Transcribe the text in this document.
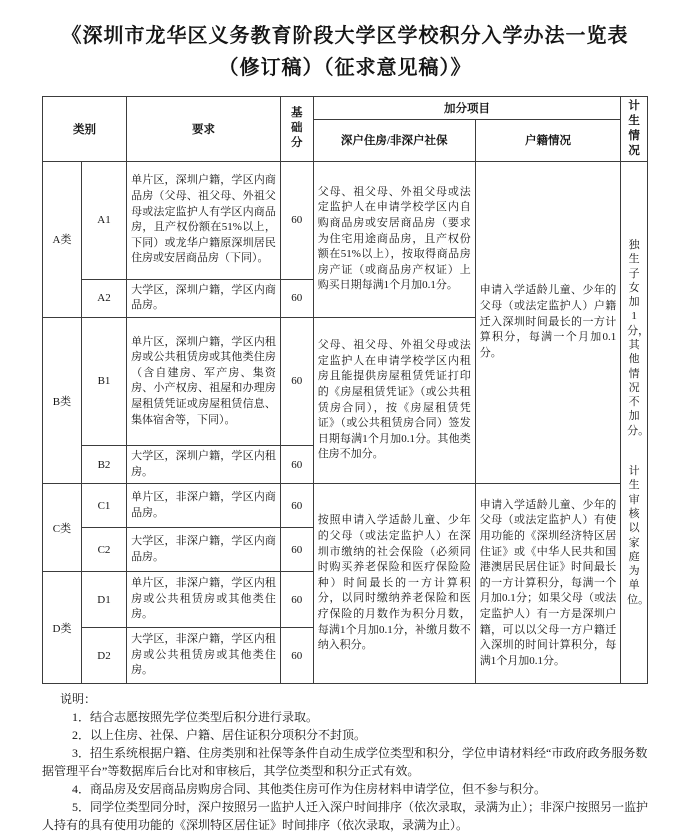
《深圳市龙华区义务教育阶段大学区学校积分入学办法一览表（修订稿）（征求意见稿）》
类别		要求	基础分	加分项目		计生情况

				深户住房/非深户社保	户籍情况	
A类	A1	单片区，深圳户籍，学区内商品房（父母、祖父母、外祖父母或法定监护人有学区内商品房，且产权份额在51%以上，下同）或龙华户籍原深圳居民住房或安居商品房（下同）。	60	父母、祖父母、外祖父母或法定监护人在申请学校学区内自购商品房或安居商品房（要求为住宅用途商品房，且产权份额在51%以上），按取得商品房房产证（或商品房产权证）上购买日期每满1个月加0.1分。	申请入学适龄儿童、少年的父母（或法定监护人）户籍迁入深圳时间最长的一方计算积分，每满一个月加0.1分。	独生子女加1分，其他情况不加分。
计生审核以家庭为单位。

	A2	大学区，深圳户籍，学区内商品房。	60			
B类	B1	单片区，深圳户籍，学区内租房或公共租赁房或其他类住房（含自建房、军产房、集资房、小产权房、祖屋和办理房屋租赁凭证或房屋租赁信息、集体宿舍等，下同）。	60	父母、祖父母、外祖父母或法定监护人在申请学校学区内租房且能提供房屋租赁凭证打印的《房屋租赁凭证》（或公共租赁房合同），按《房屋租赁凭证》（或公共租赁房合同）签发日期每满1个月加0.1分。其他类住房不加分。		
	B2	大学区，深圳户籍，学区内租房。	60			
C类	C1	单片区，非深户籍，学区内商品房。	60	按照申请入学适龄儿童、少年的父母（或法定监护人）在深圳市缴纳的社会保险（必须同时购买养老保险和医疗保险险种）时间最长的一方计算积分，以同时缴纳养老保险和医疗保险的月数作为积分月数，每满1个月加0.1分，补缴月数不纳入积分。	申请入学适龄儿童、少年的父母（或法定监护人）有使用功能的《深圳经济特区居住证》或《中华人民共和国港澳居民居住证》时间最长的一方计算积分，每满一个月加0.1分；如果父母（或法定监护人）有一方是深圳户籍，可以以父母一方户籍迁入深圳的时间计算积分，每满1个月加0.1分。	
	C2	大学区，非深户籍，学区内商品房。	60			
D类	D1	单片区，非深户籍，学区内租房或公共租赁房或其他类住房。	60			
	D2	大学区，非深户籍，学区内租房或公共租赁房或其他类住房。	60			

说明：

1．结合志愿按照先学位类型后积分进行录取。

2．以上住房、社保、户籍、居住证积分项积分不封顶。

3．招生系统根据户籍、住房类别和社保等条件自动生成学位类型和积分，学位申请材料经“市政府政务服务数据管理平台”等数据库后台比对和审核后，其学位类型和积分正式有效。

4．商品房及安居商品房购房合同、其他类住房可作为住房材料申请学位，但不参与积分。

5．同学位类型同分时，深户按照另一监护人迁入深户时间排序（依次录取，录满为止）；非深户按照另一监护人持有的具有使用功能的《深圳特区居住证》时间排序（依次录取，录满为止）。
